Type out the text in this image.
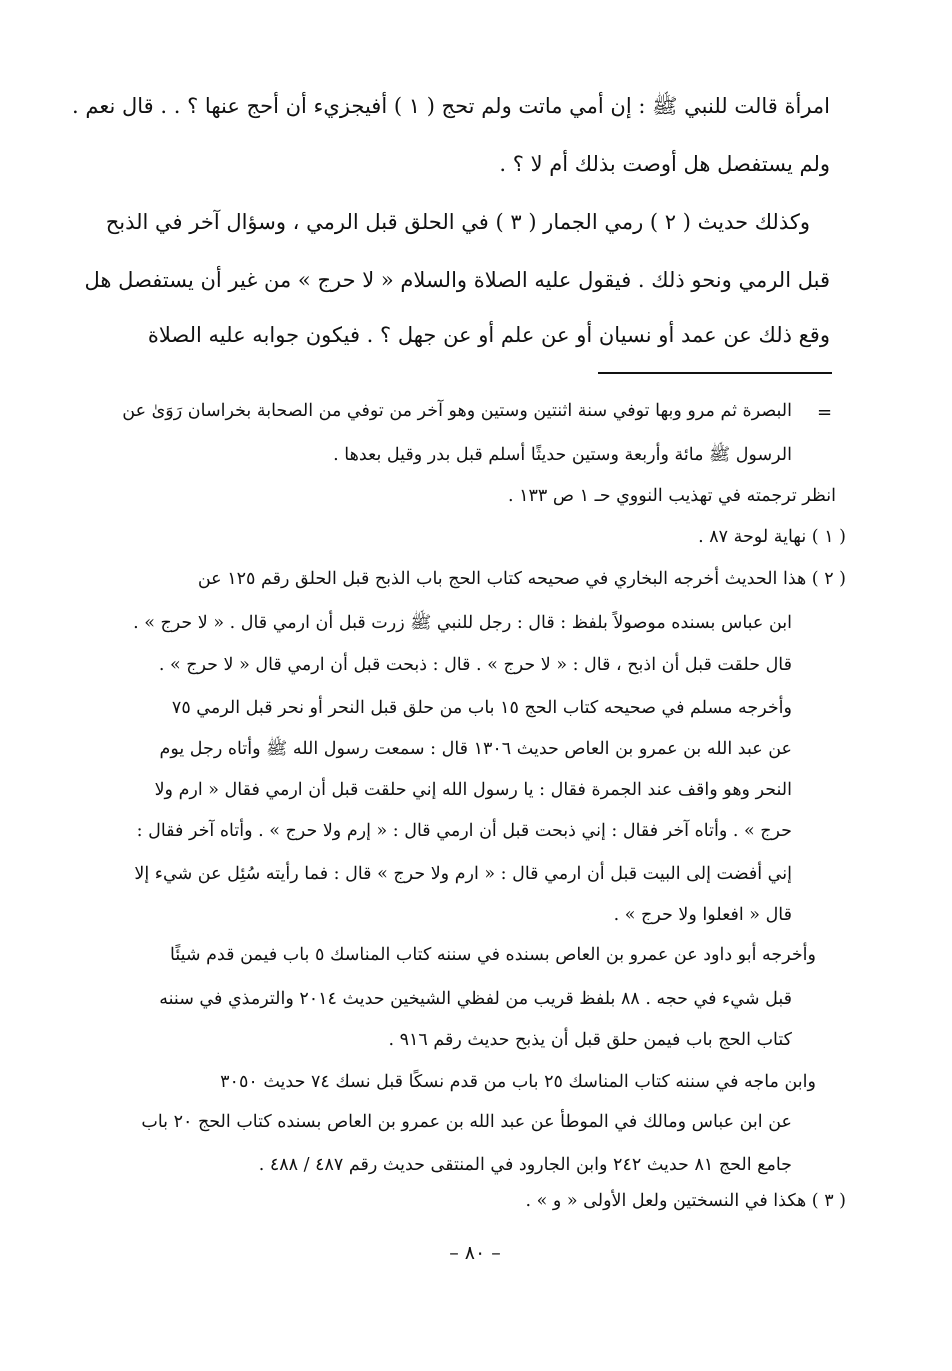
امرأة قالت للنبي ﷺ : إن أمي ماتت ولم تحج ( ١ ) أفيجزيء أن أحج عنها ؟ . . قال نعم .
ولم يستفصل هل أوصت بذلك أم لا ؟ .
وكذلك حديث ( ٢ ) رمي الجمار ( ٣ ) في الحلق قبل الرمي ، وسؤال آخر في الذبح
قبل الرمي ونحو ذلك . فيقول عليه الصلاة والسلام « لا حرج » من غير أن يستفصل هل
وقع ذلك عن عمد أو نسيان أو عن علم أو عن جهل ؟ . فيكون جوابه عليه الصلاة
=
البصرة ثم مرو وبها توفي سنة اثنتين وستين وهو آخر من توفي من الصحابة بخراسان رَوَىٰ عن
الرسول ﷺ مائة وأربعة وستين حديثًا أسلم قبل بدر وقيل بعدها .
انظر ترجمته في تهذيب النووي حـ ١ ص ١٣٣ .
( ١ ) نهاية لوحة ٨٧ .
( ٢ ) هذا الحديث أخرجه البخاري في صحيحه كتاب الحج باب الذبح قبل الحلق رقم ١٢٥ عن
ابن عباس بسنده موصولاً بلفظ : قال : رجل للنبي ﷺ زرت قبل أن ارمي قال . « لا حرج » .
قال حلقت قبل أن اذبح ، قال : « لا حرج » . قال : ذبحت قبل أن ارمي قال « لا حرج » .
وأخرجه مسلم في صحيحه كتاب الحج ١٥ باب من حلق قبل النحر أو نحر قبل الرمي ٧٥
عن عبد الله بن عمرو بن العاص حديث ١٣٠٦ قال : سمعت رسول الله ﷺ وأتاه رجل يوم
النحر وهو واقف عند الجمرة فقال : يا رسول الله إني حلقت قبل أن ارمي فقال « ارم ولا
حرج » . وأتاه آخر فقال : إني ذبحت قبل أن ارمي قال : « إرم ولا حرج » . وأتاه آخر فقال :
إني أفضت إلى البيت قبل أن ارمي قال : « ارم ولا حرج » قال : فما رأيته سُئِل عن شيء إلا
قال « افعلوا ولا حرج » .
وأخرجه أبو داود عن عمرو بن العاص بسنده في سننه كتاب المناسك ٥ باب فيمن قدم شيئًا
قبل شيء في حجه . ٨٨ بلفظ قريب من لفظي الشيخين حديث ٢٠١٤ والترمذي في سننه
كتاب الحج باب فيمن حلق قبل أن يذبح حديث رقم ٩١٦ .
وابن ماجه في سننه كتاب المناسك ٢٥ باب من قدم نسكًا قبل نسك ٧٤ حديث ٣٠٥٠
عن ابن عباس ومالك في الموطأ عن عبد الله بن عمرو بن العاص بسنده كتاب الحج ٢٠ باب
جامع الحج ٨١ حديث ٢٤٢ وابن الجارود في المنتقى حديث رقم ٤٨٧ / ٤٨٨ .
( ٣ ) هكذا في النسختين ولعل الأولى « و » .
– ٨٠ –
